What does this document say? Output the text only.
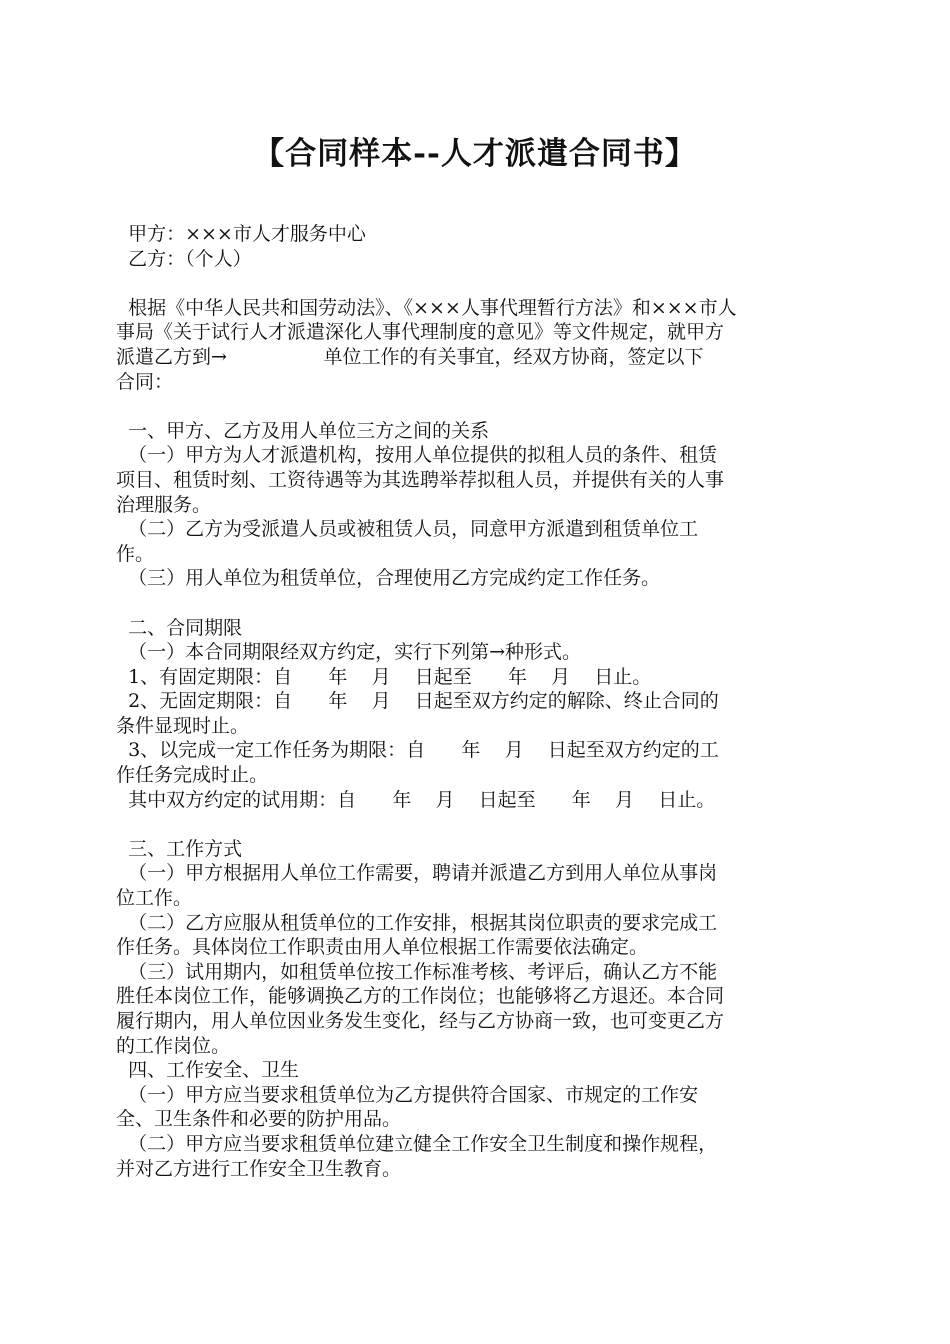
【合同样本--人才派遣合同书】
甲方：×××市人才服务中心
乙方：（个人）
根据《中华人民共和国劳动法》、《×××人事代理暂行方法》和×××市人
事局《关于试行人才派遣深化人事代理制度的意见》等文件规定，就甲方
派遣乙方到→                单位工作的有关事宜，经双方协商，签定以下
合同：
一、甲方、乙方及用人单位三方之间的关系
（一）甲方为人才派遣机构，按用人单位提供的拟租人员的条件、租赁
项目、租赁时刻、工资待遇等为其选聘举荐拟租人员，并提供有关的人事
治理服务。
（二）乙方为受派遣人员或被租赁人员，同意甲方派遣到租赁单位工
作。
（三）用人单位为租赁单位，合理使用乙方完成约定工作任务。
二、合同期限
（一）本合同期限经双方约定，实行下列第→种形式。
1、有固定期限：自      年    月    日起至      年    月    日止。
2、无固定期限：自      年    月    日起至双方约定的解除、终止合同的
条件显现时止。
3、以完成一定工作任务为期限：自      年    月    日起至双方约定的工
作任务完成时止。
其中双方约定的试用期：自      年    月    日起至      年    月    日止。
三、工作方式
（一）甲方根据用人单位工作需要，聘请并派遣乙方到用人单位从事岗
位工作。
（二）乙方应服从租赁单位的工作安排，根据其岗位职责的要求完成工
作任务。具体岗位工作职责由用人单位根据工作需要依法确定。
（三）试用期内，如租赁单位按工作标准考核、考评后，确认乙方不能
胜任本岗位工作，能够调换乙方的工作岗位；也能够将乙方退还。本合同
履行期内，用人单位因业务发生变化，经与乙方协商一致，也可变更乙方
的工作岗位。
四、工作安全、卫生
（一）甲方应当要求租赁单位为乙方提供符合国家、市规定的工作安
全、卫生条件和必要的防护用品。
（二）甲方应当要求租赁单位建立健全工作安全卫生制度和操作规程，
并对乙方进行工作安全卫生教育。
